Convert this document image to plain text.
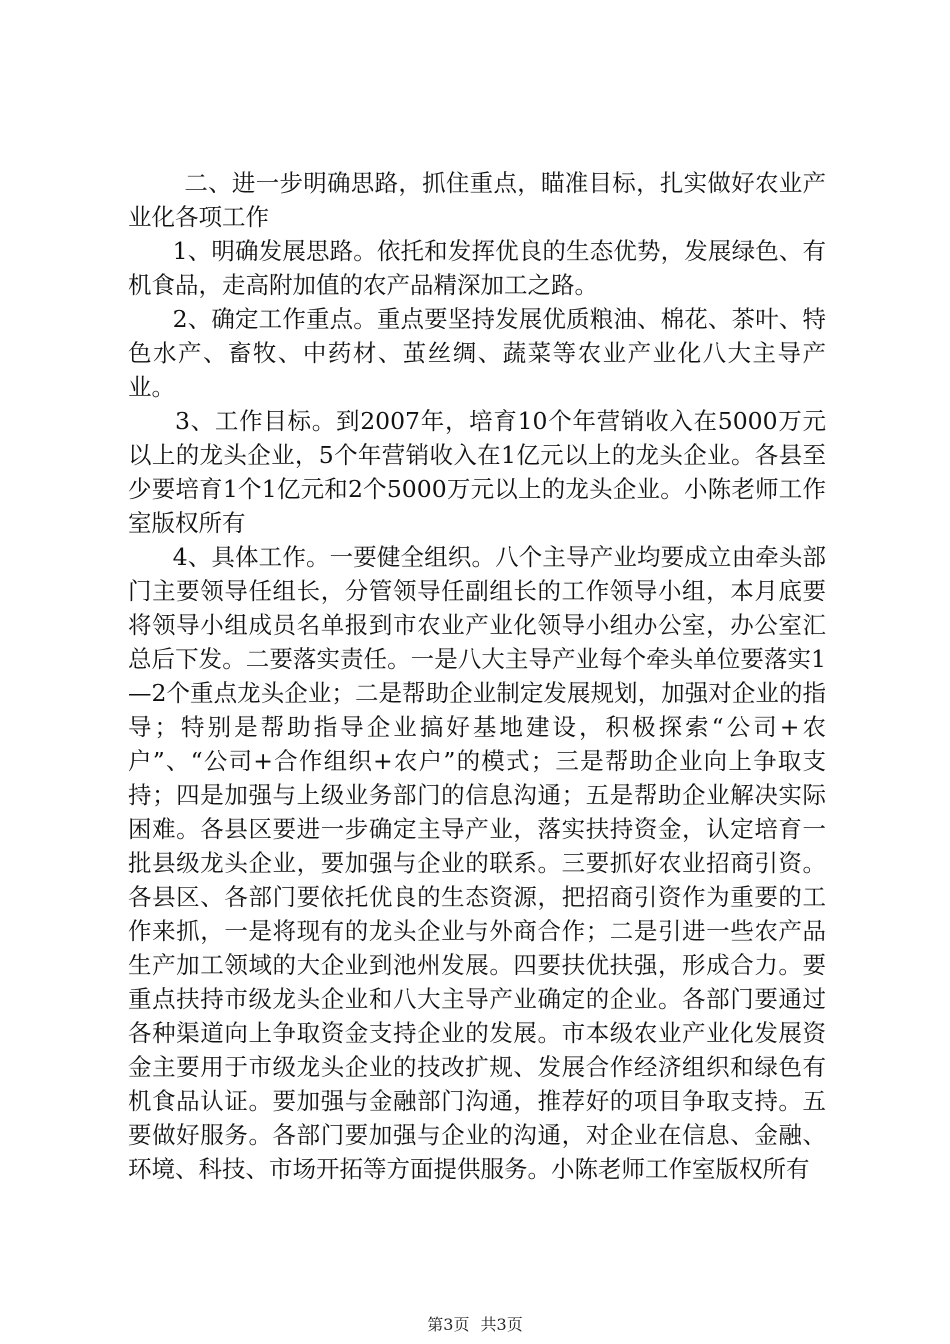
二、进一步明确思路，抓住重点，瞄准目标，扎实做好农业产业化各项工作

1、明确发展思路。依托和发挥优良的生态优势，发展绿色、有机食品，走高附加值的农产品精深加工之路。

2、确定工作重点。重点要坚持发展优质粮油、棉花、茶叶、特色水产、畜牧、中药材、茧丝绸、蔬菜等农业产业化八大主导产业。

3、工作目标。到2007年，培育10个年营销收入在5000万元以上的龙头企业，5个年营销收入在1亿元以上的龙头企业。各县至少要培育1个1亿元和2个5000万元以上的龙头企业。小陈老师工作室版权所有

4、具体工作。一要健全组织。八个主导产业均要成立由牵头部门主要领导任组长，分管领导任副组长的工作领导小组，本月底要将领导小组成员名单报到市农业产业化领导小组办公室，办公室汇总后下发。二要落实责任。一是八大主导产业每个牵头单位要落实1—2个重点龙头企业；二是帮助企业制定发展规划，加强对企业的指导；特别是帮助指导企业搞好基地建设，积极探索“公司+农户”、“公司+合作组织+农户”的模式；三是帮助企业向上争取支持；四是加强与上级业务部门的信息沟通；五是帮助企业解决实际困难。各县区要进一步确定主导产业，落实扶持资金，认定培育一批县级龙头企业，要加强与企业的联系。三要抓好农业招商引资。各县区、各部门要依托优良的生态资源，把招商引资作为重要的工作来抓，一是将现有的龙头企业与外商合作；二是引进一些农产品生产加工领域的大企业到池州发展。四要扶优扶强，形成合力。要重点扶持市级龙头企业和八大主导产业确定的企业。各部门要通过各种渠道向上争取资金支持企业的发展。市本级农业产业化发展资金主要用于市级龙头企业的技改扩规、发展合作经济组织和绿色有机食品认证。要加强与金融部门沟通，推荐好的项目争取支持。五要做好服务。各部门要加强与企业的沟通，对企业在信息、金融、环境、科技、市场开拓等方面提供服务。小陈老师工作室版权所有

第3页 共3页
